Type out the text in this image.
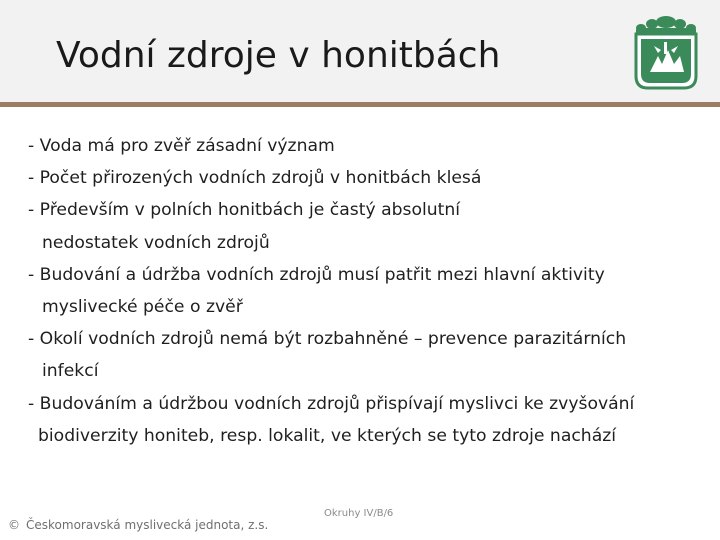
Vodní zdroje v honitbách
- Voda má pro zvěř zásadní význam
- Počet přirozených vodních zdrojů v honitbách klesá
- Především v polních honitbách je častý absolutní
nedostatek vodních zdrojů
- Budování a údržba vodních zdrojů musí patřit mezi hlavní aktivity
myslivecké péče o zvěř
- Okolí vodních zdrojů nemá být rozbahněné – prevence parazitárních
infekcí
- Budováním a údržbou vodních zdrojů přispívají myslivci ke zvyšování
biodiverzity honiteb, resp. lokalit, ve kterých se tyto zdroje nachází
Okruhy IV/B/6
© Českomoravská myslivecká jednota, z.s.
